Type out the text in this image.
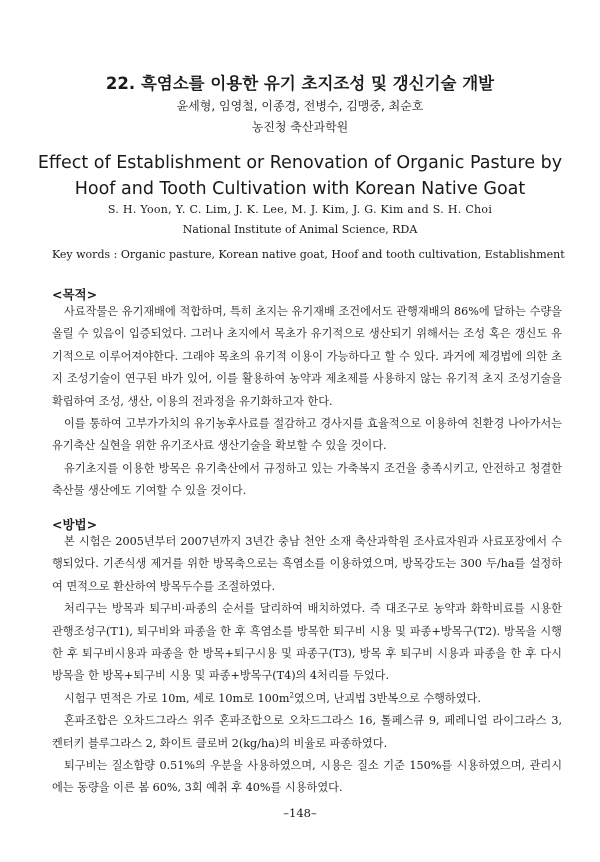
22. 흑염소를 이용한 유기 초지조성 및 갱신기술 개발
윤세형, 임영철, 이종경, 전병수, 김맹중, 최순호
농진청 축산과학원
Effect of Establishment or Renovation of Organic Pasture by Hoof and Tooth Cultivation with Korean Native Goat
S. H. Yoon, Y. C. Lim, J. K. Lee, M. J. Kim, J. G. Kim and S. H. Choi
National Institute of Animal Science, RDA
Key words : Organic pasture, Korean native goat, Hoof and tooth cultivation, Establishment
<목적>

사료작물은 유기재배에 적합하며, 특히 초지는 유기재배 조건에서도 관행재배의 86%에 달하는 수량을 올릴 수 있음이 입증되었다. 그러나 초지에서 목초가 유기적으로 생산되기 위해서는 조성 혹은 갱신도 유기적으로 이루어져야한다. 그래야 목초의 유기적 이용이 가능하다고 할 수 있다. 과거에 제경법에 의한 초지 조성기술이 연구된 바가 있어, 이를 활용하여 농약과 제초제를 사용하지 않는 유기적 초지 조성기술을 확립하여 조성, 생산, 이용의 전과정을 유기화하고자 한다.

이를 통하여 고부가가치의 유기농후사료를 절감하고 경사지를 효율적으로 이용하여 친환경 나아가서는 유기축산 실현을 위한 유기조사료 생산기술을 확보할 수 있을 것이다.

유기초지를 이용한 방목은 유기축산에서 규정하고 있는 가축복지 조건을 충족시키고, 안전하고 청결한 축산물 생산에도 기여할 수 있을 것이다.

<방법>

본 시험은 2005년부터 2007년까지 3년간 충남 천안 소재 축산과학원 조사료자원과 사료포장에서 수행되었다. 기존식생 제거를 위한 방목축으로는 흑염소를 이용하였으며, 방목강도는 300 두/ha를 설정하여 면적으로 환산하여 방목두수를 조절하였다.

처리구는 방목과 퇴구비·파종의 순서를 달리하여 배치하였다. 즉 대조구로 농약과 화학비료를 시용한 관행조성구(T1), 퇴구비와 파종을 한 후 흑염소를 방목한 퇴구비 시용 및 파종+방목구(T2). 방목을 시행한 후 퇴구비시용과 파종을 한 방목+퇴구시용 및 파종구(T3), 방목 후 퇴구비 시용과 파종을 한 후 다시 방목을 한 방목+퇴구비 시용 및 파종+방목구(T4)의 4처리를 두었다.

시험구 면적은 가로 10m, 세로 10m로 $100m^2$였으며, 난괴법 3반복으로 수행하였다.

혼파조합은 오차드그라스 위주 혼파조합으로 오차드그라스 16, 톨페스큐 9, 페레니얼 라이그라스 3, 켄터키 블루그라스 2, 화이트 클로버 2(kg/ha)의 비율로 파종하였다.

퇴구비는 질소함량 0.51%의 우분을 사용하였으며, 시용은 질소 기준 150%를 시용하였으며, 관리시에는 동량을 이른 봄 60%, 3회 예취 후 40%를 시용하였다.

–148–
